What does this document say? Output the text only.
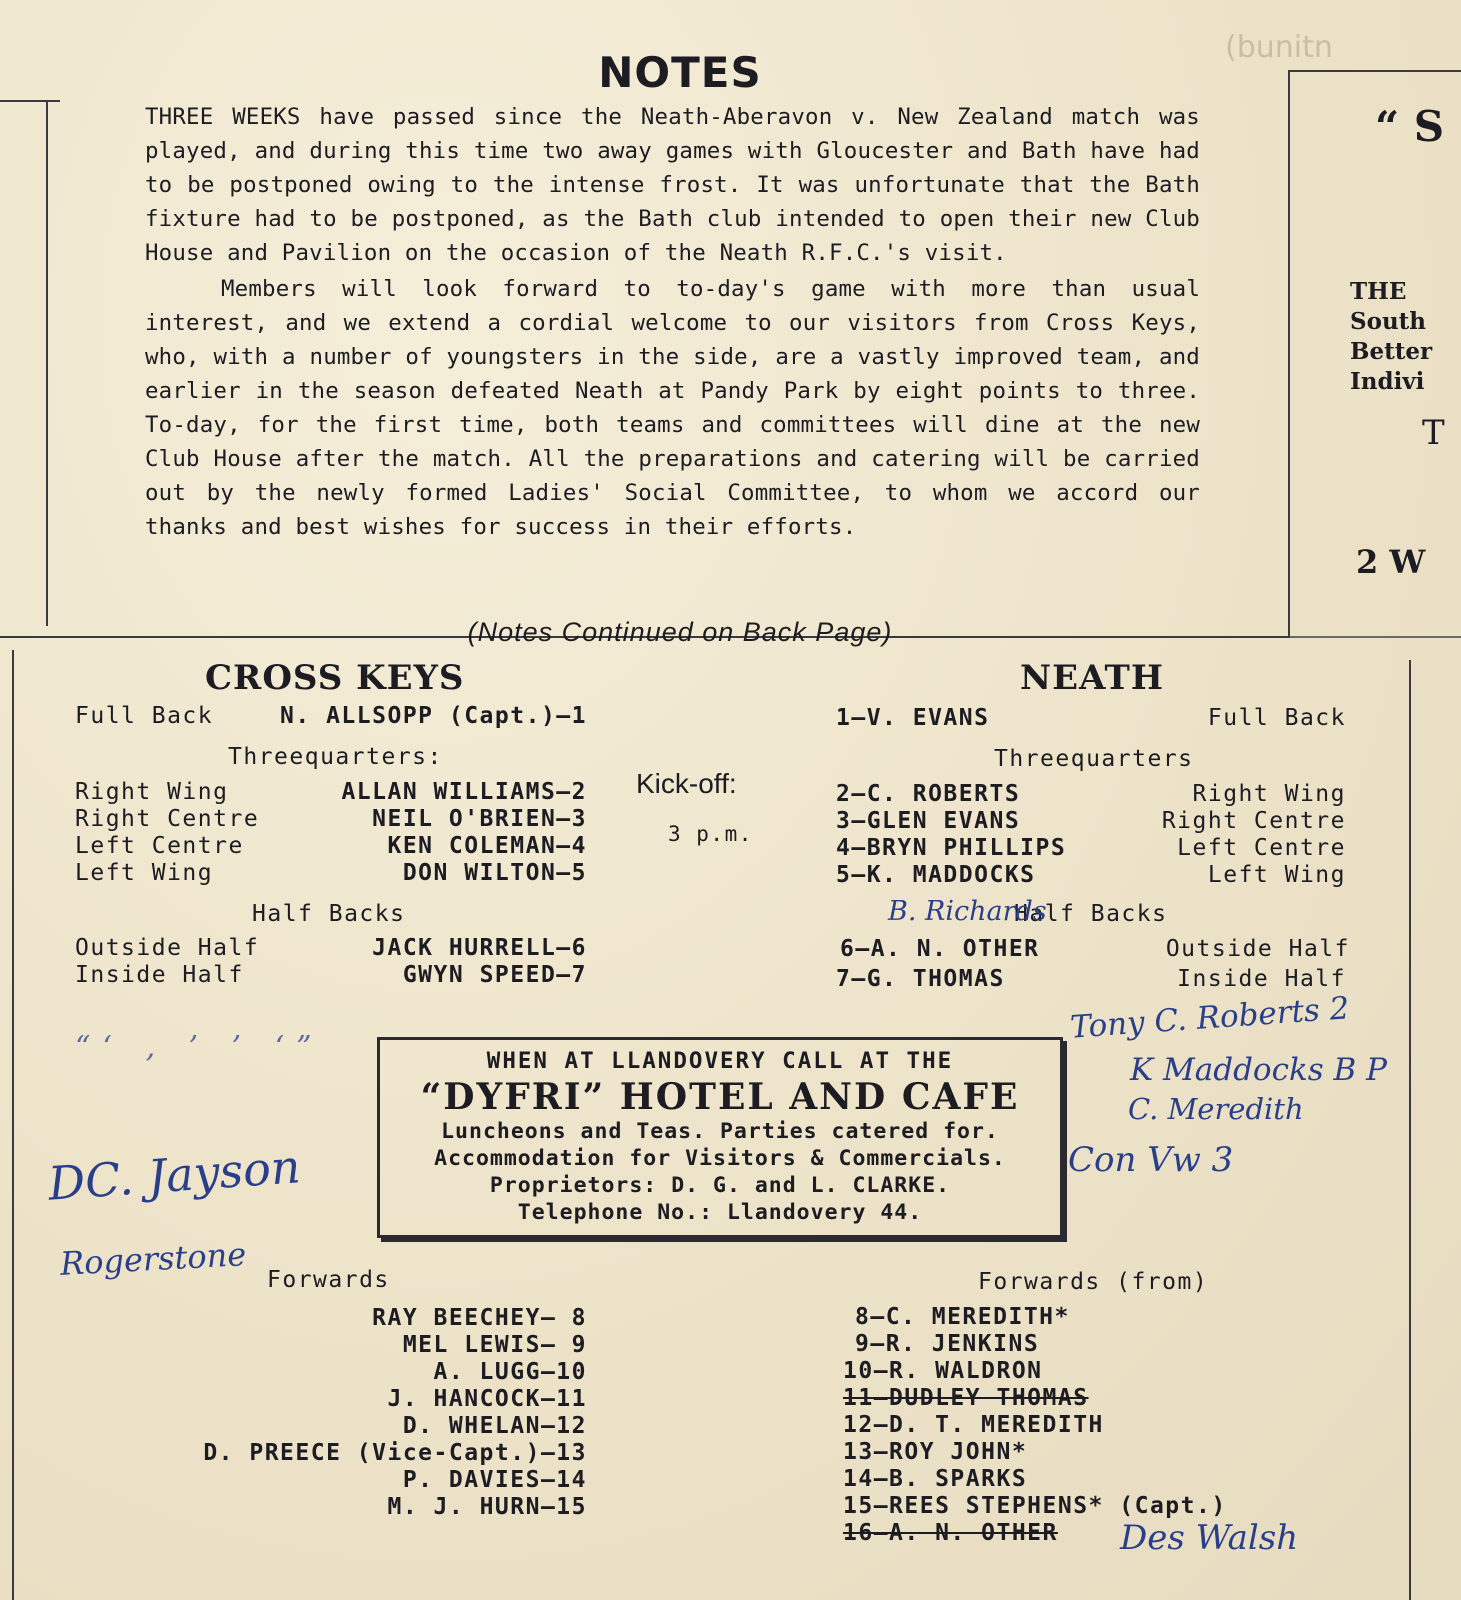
(bunitn
“ S
THE
South
Better
Indivi
T
2 W
NOTES

THREE WEEKS have passed since the Neath-Aberavon v. New Zealand match was played, and during this time two away games with Gloucester and Bath have had to be postponed owing to the intense frost. It was unfortunate that the Bath fixture had to be postponed, as the Bath club intended to open their new Club House and Pavilion on the occasion of the Neath R.F.C.'s visit.

Members will look forward to to-day's game with more than usual interest, and we extend a cordial welcome to our visitors from Cross Keys, who, with a number of youngsters in the side, are a vastly improved team, and earlier in the season defeated Neath at Pandy Park by eight points to three. To-day, for the first time, both teams and committees will dine at the new Club House after the match. All the preparations and catering will be carried out by the newly formed Ladies' Social Committee, to whom we accord our thanks and best wishes for success in their efforts.

(Notes Continued on Back Page)
CROSS KEYS
Full Back	N. ALLSOPP (Capt.)—1
Threequarters:
Right Wing	ALLAN WILLIAMS—2
Right Centre	NEIL O'BRIEN—3
Left Centre	KEN COLEMAN—4
Left Wing	DON WILTON—5
Half Backs
Outside Half	JACK HURRELL—6
Inside Half	GWYN SPEED—7
Forwards
RAY BEECHEY— 8
MEL LEWIS— 9
A. LUGG—10
J. HANCOCK—11
D. WHELAN—12
D. PREECE (Vice-Capt.)—13
P. DAVIES—14
M. J. HURN—15
Kick-off:
3 p.m.
NEATH
1—V. EVANS	Full Back
Threequarters
2—C. ROBERTS	Right Wing
3—GLEN EVANS	Right Centre
4—BRYN PHILLIPS	Left Centre
5—K. MADDOCKS	Left Wing
Half Backs
6—A. N. OTHER	Outside Half
7—G. THOMAS	Inside Half
Forwards (from)
8—C. MEREDITH*
9—R. JENKINS
10—R. WALDRON
11—DUDLEY THOMAS
12—D. T. MEREDITH
13—ROY JOHN*
14—B. SPARKS
15—REES STEPHENS* (Capt.)
16—A. N. OTHER
WHEN AT LLANDOVERY CALL AT THE
“DYFRI” HOTEL AND CAFE
Luncheons and Teas. Parties catered for.
Accommodation for Visitors & Commercials.
Proprietors: D. G. and L. CLARKE.
Telephone No.: Llandovery 44.
B. Richards
Tony C. Roberts 2
K Maddocks B P
C. Meredith
Con Vw 3
“‘ ‚ ’ ’ ‘”
DC. Jayson
Rogerstone
Des Walsh
